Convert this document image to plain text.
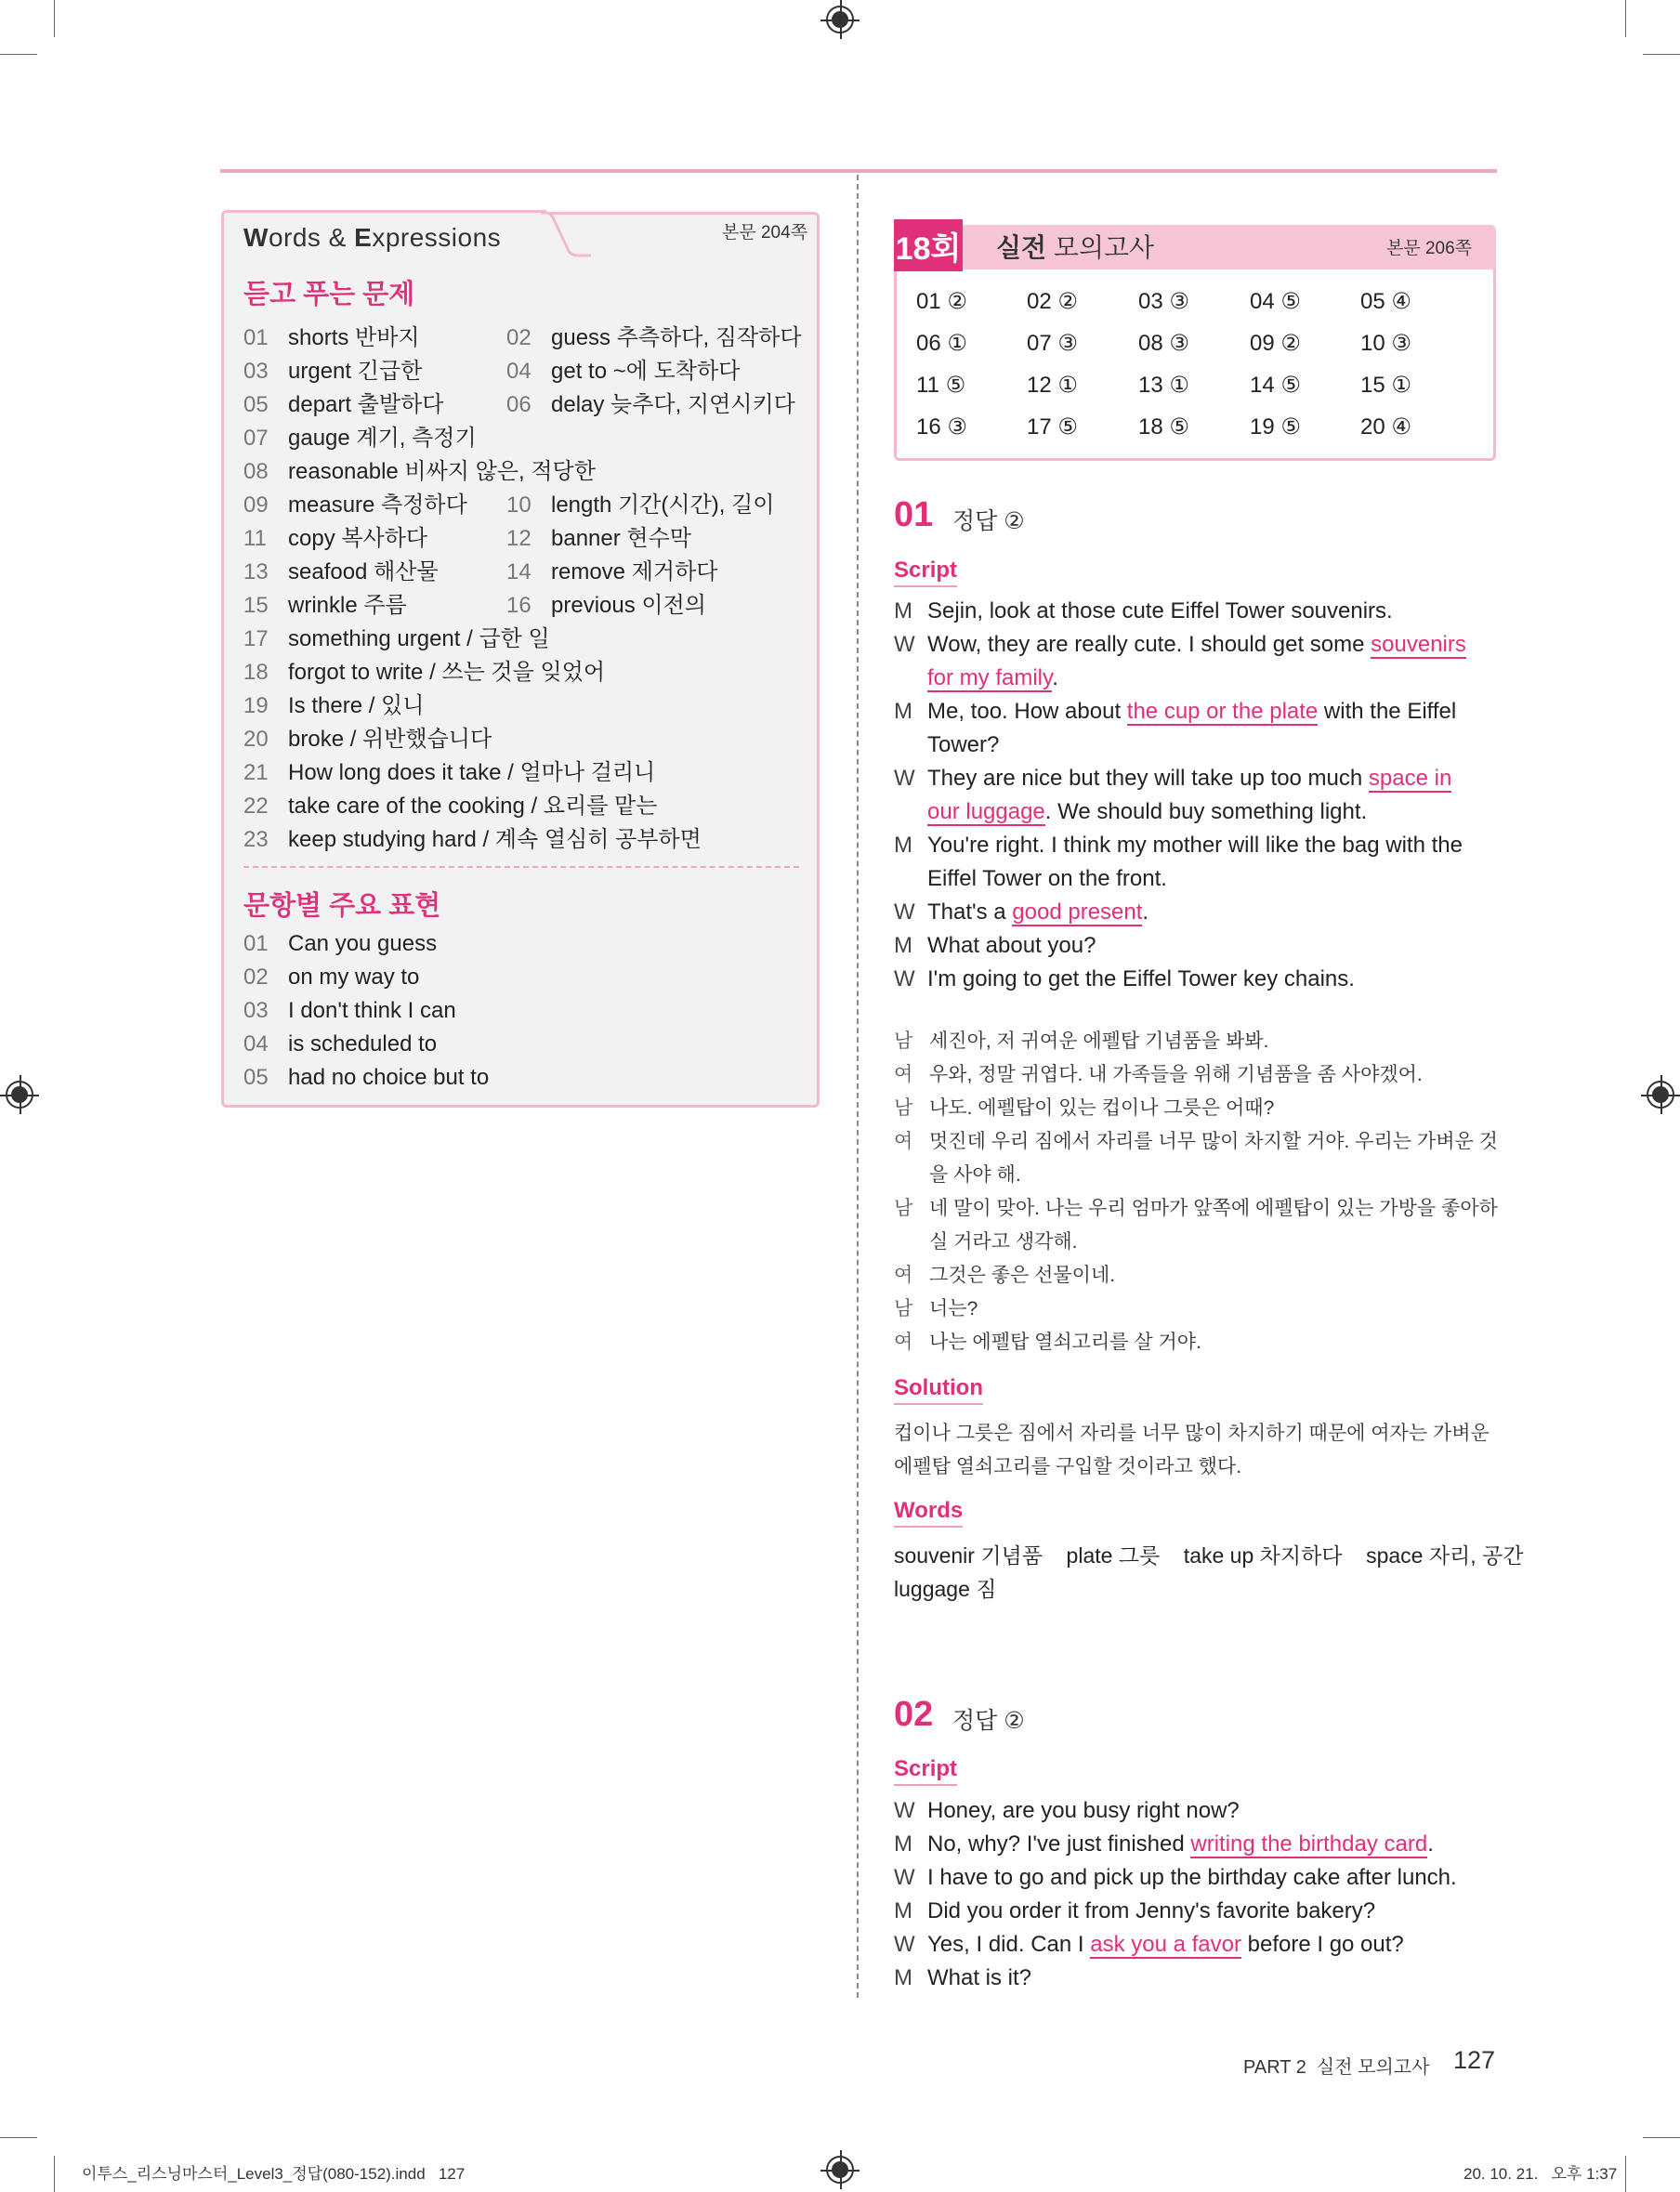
Words & Expressions	본문 204쪽
듣고 푸는 문제
01 shorts 반바지	02 guess 추측하다, 짐작하다
03 urgent 긴급한	04 get to ~에 도착하다
05 depart 출발하다	06 delay 늦추다, 지연시키다
07 gauge 계기, 측정기
08 reasonable 비싸지 않은, 적당한
09 measure 측정하다 10 length 기간(시간), 길이
11 copy 복사하다	12 banner 현수막
13 seafood 해산물	14 remove 제거하다
15 wrinkle 주름	16 previous 이전의
17 something urgent / 급한 일
18 forgot to write / 쓰는 것을 잊었어
19 Is there / 있니
20 broke / 위반했습니다
21 How long does it take / 얼마나 걸리니
22 take care of the cooking / 요리를 맡는
23 keep studying hard / 계속 열심히 공부하면
문항별 주요 표현
01 Can you guess
02 on my way to
03 I don't think I can
04 is scheduled to
05 had no choice but to
18회 실전 모의고사	본문 206쪽
01 ②	02 ②	03 ③	04 ⑤	05 ④
06 ①	07 ③	08 ③	09 ②	10 ③
11 ⑤	12 ①	13 ①	14 ⑤	15 ①
16 ③	17 ⑤	18 ⑤	19 ⑤	20 ④
01 정답 ②
Script
M Sejin, look at those cute Eiffel Tower souvenirs.
W Wow, they are really cute. I should get some souvenirs
for my family.
M Me, too. How about the cup or the plate with the Eiffel
Tower?
W They are nice but they will take up too much space in
our luggage. We should buy something light.
M You're right. I think my mother will like the bag with the
Eiffel Tower on the front.
W That's a good present.
M What about you?
W I'm going to get the Eiffel Tower key chains.
남 세진아, 저 귀여운 에펠탑 기념품을 봐봐.
여 우와, 정말 귀엽다. 내 가족들을 위해 기념품을 좀 사야겠어.
남 나도. 에펠탑이 있는 컵이나 그릇은 어때?
여 멋진데 우리 짐에서 자리를 너무 많이 차지할 거야. 우리는 가벼운 것
을 사야 해.
남 네 말이 맞아. 나는 우리 엄마가 앞쪽에 에펠탑이 있는 가방을 좋아하
실 거라고 생각해.
여 그것은 좋은 선물이네.
남 너는?
여 나는 에펠탑 열쇠고리를 살 거야.
Solution
컵이나 그릇은 짐에서 자리를 너무 많이 차지하기 때문에 여자는 가벼운
에펠탑 열쇠고리를 구입할 것이라고 했다.
Words
souvenir 기념품    plate 그릇    take up 차지하다    space 자리, 공간
luggage 짐
02 정답 ②
Script
W Honey, are you busy right now?
M No, why? I've just finished writing the birthday card.
W I have to go and pick up the birthday cake after lunch.
M Did you order it from Jenny's favorite bakery?
W Yes, I did. Can I ask you a favor before I go out?
M What is it?
PART 2  실전 모의고사 127
이투스_리스닝마스터_Level3_정답(080-152).indd   127	20. 10. 21.   오후 1:37
